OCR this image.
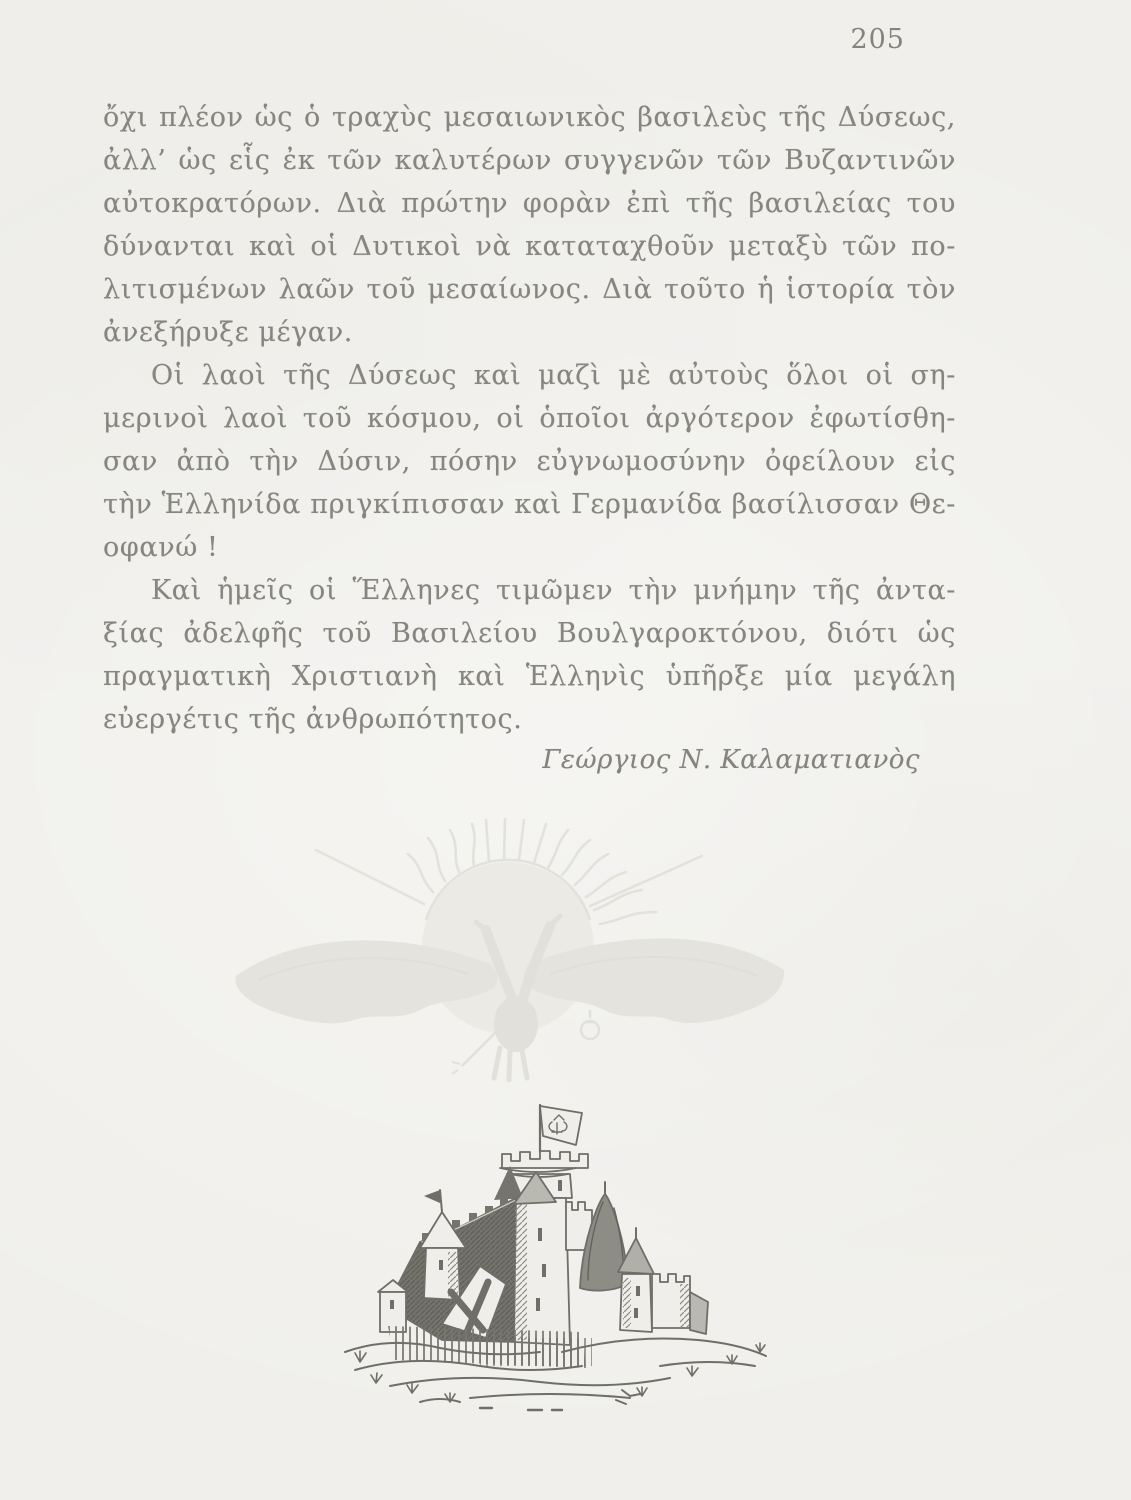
205
ὄχι πλέον ὡς ὁ τραχὺς μεσαιωνικὸς βασιλεὺς τῆς Δύσεως,
ἀλλ’ ὡς εἷς ἐκ τῶν καλυτέρων συγγενῶν τῶν Βυζαντινῶν
αὐτοκρατόρων. Διὰ πρώτην φορὰν ἐπὶ τῆς βασιλείας του
δύνανται καὶ οἱ Δυτικοὶ νὰ καταταχθοῦν μεταξὺ τῶν πο-
λιτισμένων λαῶν τοῦ μεσαίωνος. Διὰ τοῦτο ἡ ἱστορία τὸν
ἀνεξήρυξε μέγαν.
Οἱ λαοὶ τῆς Δύσεως καὶ μαζὶ μὲ αὐτοὺς ὅλοι οἱ ση-
μερινοὶ λαοὶ τοῦ κόσμου, οἱ ὁποῖοι ἀργότερον ἐφωτίσθη-
σαν ἀπὸ τὴν Δύσιν, πόσην εὐγνωμοσύνην ὀφείλουν εἰς
τὴν Ἑλληνίδα πριγκίπισσαν καὶ Γερμανίδα βασίλισσαν Θε-
οφανώ !
Καὶ ἡμεῖς οἱ Ἕλληνες τιμῶμεν τὴν μνήμην τῆς ἀντα-
ξίας ἀδελφῆς τοῦ Βασιλείου Βουλγαροκτόνου, διότι ὡς
πραγματικὴ Χριστιανὴ καὶ Ἑλληνὶς ὑπῆρξε μία μεγάλη
εὐεργέτις τῆς ἀνθρωπότητος.
Γεώργιος Ν. Καλαματιανὸς
